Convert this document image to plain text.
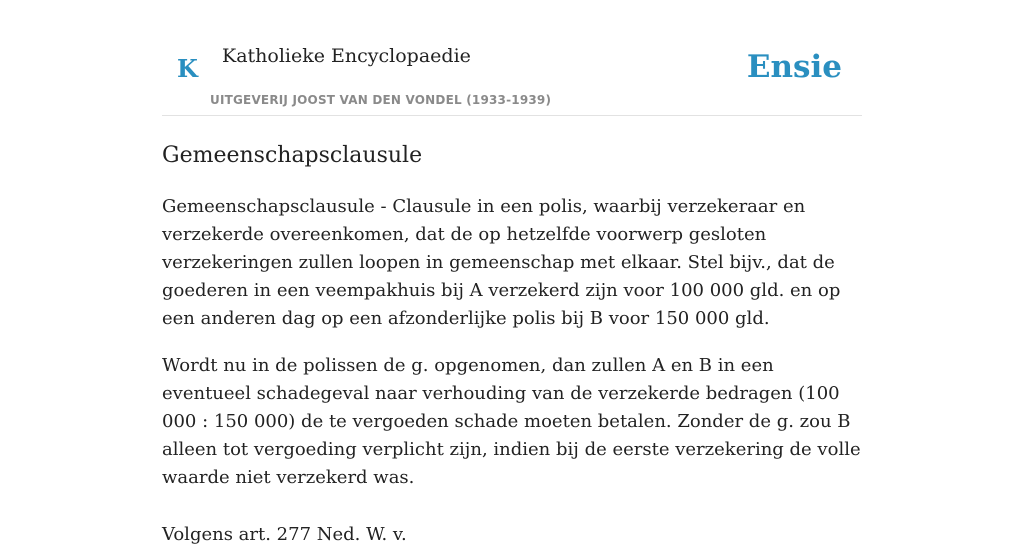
K Katholieke Encyclopaedie
UITGEVERIJ JOOST VAN DEN VONDEL (1933-1939)
Ensie
Gemeenschapsclausule

Gemeenschapsclausule - Clausule in een polis, waarbij verzekeraar en verzekerde overeenkomen, dat de op hetzelfde voorwerp gesloten verzekeringen zullen loopen in gemeenschap met elkaar. Stel bijv., dat de goederen in een veempakhuis bij A verzekerd zijn voor 100 000 gld. en op een anderen dag op een afzonderlijke polis bij B voor 150 000 gld.

Wordt nu in de polissen de g. opgenomen, dan zullen A en B in een eventueel schadegeval naar verhouding van de verzekerde bedragen (100 000 : 150 000) de te vergoeden schade moeten betalen. Zonder de g. zou B alleen tot vergoeding verplicht zijn, indien bij de eerste verzekering de volle waarde niet verzekerd was.

Volgens art. 277 Ned. W. v.
